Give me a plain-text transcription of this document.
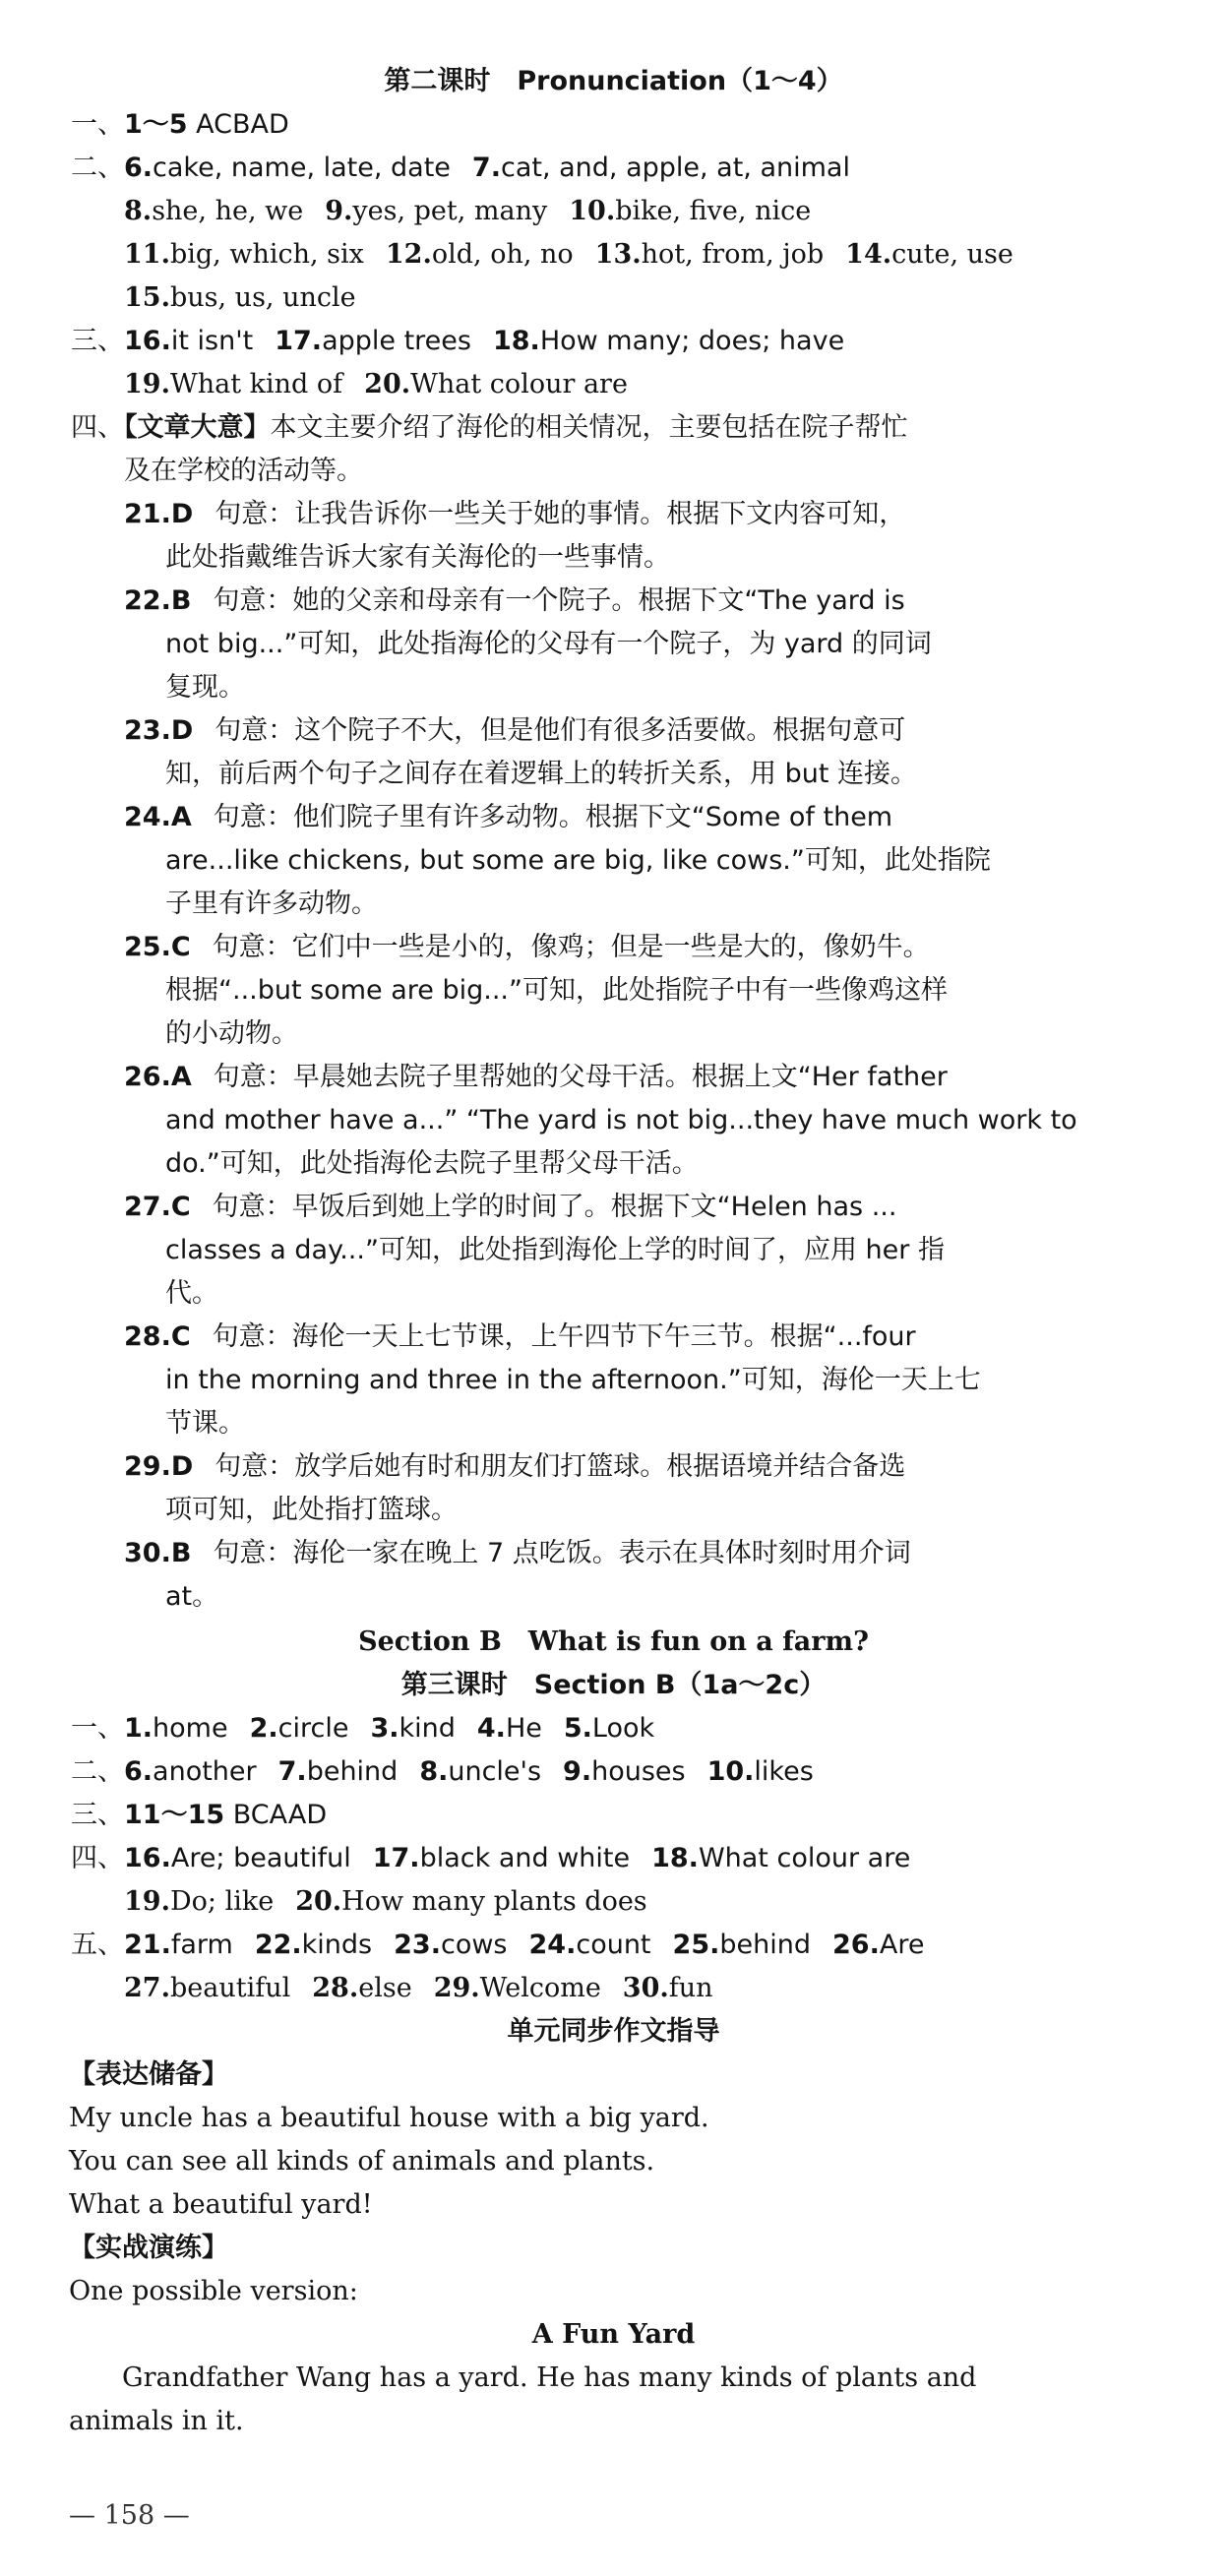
第二课时　Pronunciation（1～4）
一、1～5 ACBAD
二、6.cake, name, late, date 7.cat, and, apple, at, animal
8.she, he, we 9.yes, pet, many 10.bike, five, nice
11.big, which, six 12.old, oh, no 13.hot, from, job 14.cute, use
15.bus, us, uncle
三、16.it isn't 17.apple trees 18.How many; does; have
19.What kind of 20.What colour are
四、【文章大意】本文主要介绍了海伦的相关情况，主要包括在院子帮忙
及在学校的活动等。
21.D 句意：让我告诉你一些关于她的事情。根据下文内容可知，
此处指戴维告诉大家有关海伦的一些事情。
22.B 句意：她的父亲和母亲有一个院子。根据下文“The yard is
not big...”可知，此处指海伦的父母有一个院子，为 yard 的同词
复现。
23.D 句意：这个院子不大，但是他们有很多活要做。根据句意可
知，前后两个句子之间存在着逻辑上的转折关系，用 but 连接。
24.A 句意：他们院子里有许多动物。根据下文“Some of them
are...like chickens, but some are big, like cows.”可知，此处指院
子里有许多动物。
25.C 句意：它们中一些是小的，像鸡；但是一些是大的，像奶牛。
根据“...but some are big...”可知，此处指院子中有一些像鸡这样
的小动物。
26.A 句意：早晨她去院子里帮她的父母干活。根据上文“Her father
and mother have a...” “The yard is not big...they have much work to
do.”可知，此处指海伦去院子里帮父母干活。
27.C 句意：早饭后到她上学的时间了。根据下文“Helen has ...
classes a day...”可知，此处指到海伦上学的时间了，应用 her 指
代。
28.C 句意：海伦一天上七节课，上午四节下午三节。根据“...four
in the morning and three in the afternoon.”可知，海伦一天上七
节课。
29.D 句意：放学后她有时和朋友们打篮球。根据语境并结合备选
项可知，此处指打篮球。
30.B 句意：海伦一家在晚上 7 点吃饭。表示在具体时刻时用介词
at。
Section B　What is fun on a farm?
第三课时　Section B（1a～2c）
一、1.home 2.circle 3.kind 4.He 5.Look
二、6.another 7.behind 8.uncle's 9.houses 10.likes
三、11～15 BCAAD
四、16.Are; beautiful 17.black and white 18.What colour are
19.Do; like 20.How many plants does
五、21.farm 22.kinds 23.cows 24.count 25.behind 26.Are
27.beautiful 28.else 29.Welcome 30.fun
单元同步作文指导
【表达储备】
My uncle has a beautiful house with a big yard.
You can see all kinds of animals and plants.
What a beautiful yard!
【实战演练】
One possible version:
A Fun Yard
Grandfather Wang has a yard. He has many kinds of plants and
animals in it.
— 158 —
